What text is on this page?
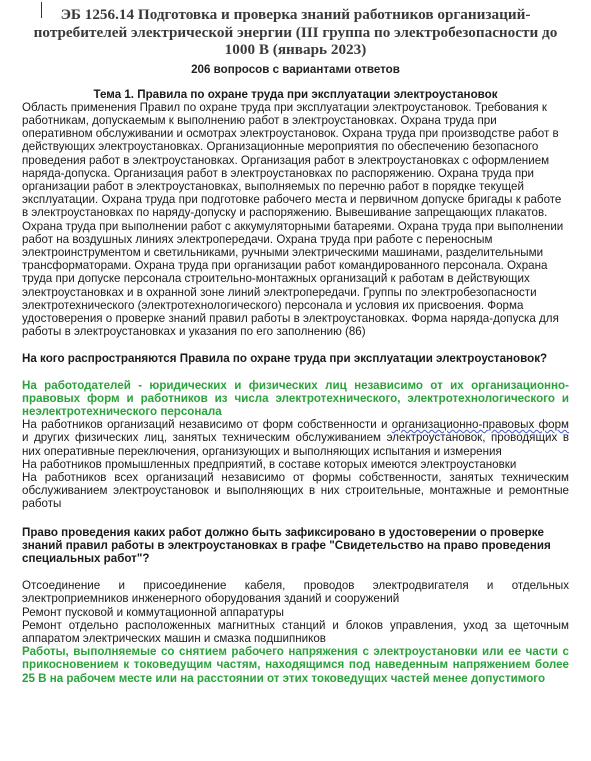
ЭБ 1256.14 Подготовка и проверка знаний работников организаций-потребителей электрической энергии (III группа по электробезопасности до 1000 В (январь 2023)
206 вопросов с вариантами ответов
Тема 1. Правила по охране труда при эксплуатации электроустановок
Область применения Правил по охране труда при эксплуатации электроустановок. Требования к работникам, допускаемым к выполнению работ в электроустановках. Охрана труда при оперативном обслуживании и осмотрах электроустановок. Охрана труда при производстве работ в действующих электроустановках. Организационные мероприятия по обеспечению безопасного проведения работ в электроустановках. Организация работ в электроустановках с оформлением наряда-допуска. Организация работ в электроустановках по распоряжению. Охрана труда при организации работ в электроустановках, выполняемых по перечню работ в порядке текущей эксплуатации. Охрана труда при подготовке рабочего места и первичном допуске бригады к работе в электроустановках по наряду-допуску и распоряжению. Вывешивание запрещающих плакатов. Охрана труда при выполнении работ с аккумуляторными батареями. Охрана труда при выполнении работ на воздушных линиях электропередачи. Охрана труда при работе с переносным электроинструментом и светильниками, ручными электрическими машинами, разделительными трансформаторами. Охрана труда при организации работ командированного персонала. Охрана труда при допуске персонала строительно-монтажных организаций к работам в действующих электроустановках и в охранной зоне линий электропередачи. Группы по электробезопасности электротехнического (электротехнологического) персонала и условия их присвоения. Форма удостоверения о проверке знаний правил работы в электроустановках. Форма наряда-допуска для работы в электроустановках и указания по его заполнению (86)
На кого распространяются Правила по охране труда при эксплуатации электроустановок?
На работодателей - юридических и физических лиц независимо от их организационно-правовых форм и работников из числа электротехнического, электротехнологического и неэлектротехнического персонала
На работников организаций независимо от форм собственности и организационно-правовых форм и других физических лиц, занятых техническим обслуживанием электроустановок, проводящих в них оперативные переключения, организующих и выполняющих испытания и измерения
На работников промышленных предприятий, в составе которых имеются электроустановки
На работников всех организаций независимо от формы собственности, занятых техническим обслуживанием электроустановок и выполняющих в них строительные, монтажные и ремонтные работы
Право проведения каких работ должно быть зафиксировано в удостоверении о проверке знаний правил работы в электроустановках в графе "Свидетельство на право проведения специальных работ"?
Отсоединение и присоединение кабеля, проводов электродвигателя и отдельных электроприемников инженерного оборудования зданий и сооружений
Ремонт пусковой и коммутационной аппаратуры
Ремонт отдельно расположенных магнитных станций и блоков управления, уход за щеточным аппаратом электрических машин и смазка подшипников
Работы, выполняемые со снятием рабочего напряжения с электроустановки или ее части с прикосновением к токоведущим частям, находящимся под наведенным напряжением более 25 В на рабочем месте или на расстоянии от этих токоведущих частей менее допустимого
